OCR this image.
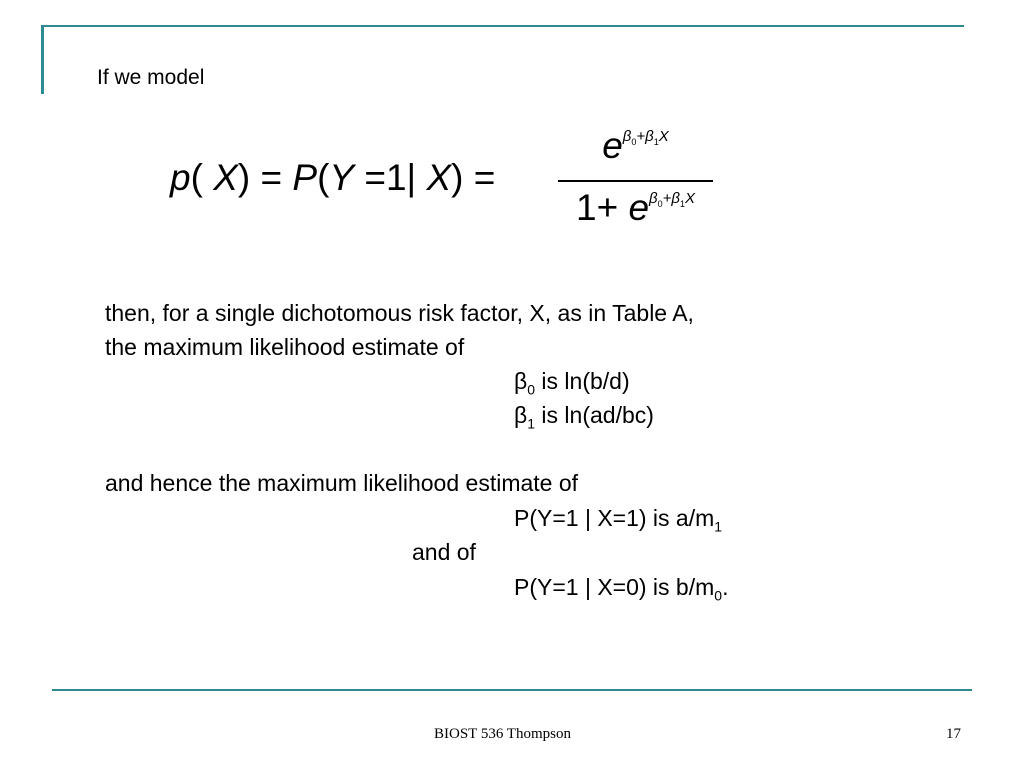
If we model
p( X) = P(Y =1| X) =
$e^{\beta_0+\beta_1X}$
$1+ e^{\beta_0+\beta_1X}$
then, for a single dichotomous risk factor, X, as in Table A,
the maximum likelihood estimate of
$\beta_0$ is ln(b/d)
$\beta_1$ is ln(ad/bc)
and hence the maximum likelihood estimate of
P(Y=1 | X=1) is $a/m_1$
and of
P(Y=1 | X=0) is $b/m_0$.
BIOST 536 Thompson	17
